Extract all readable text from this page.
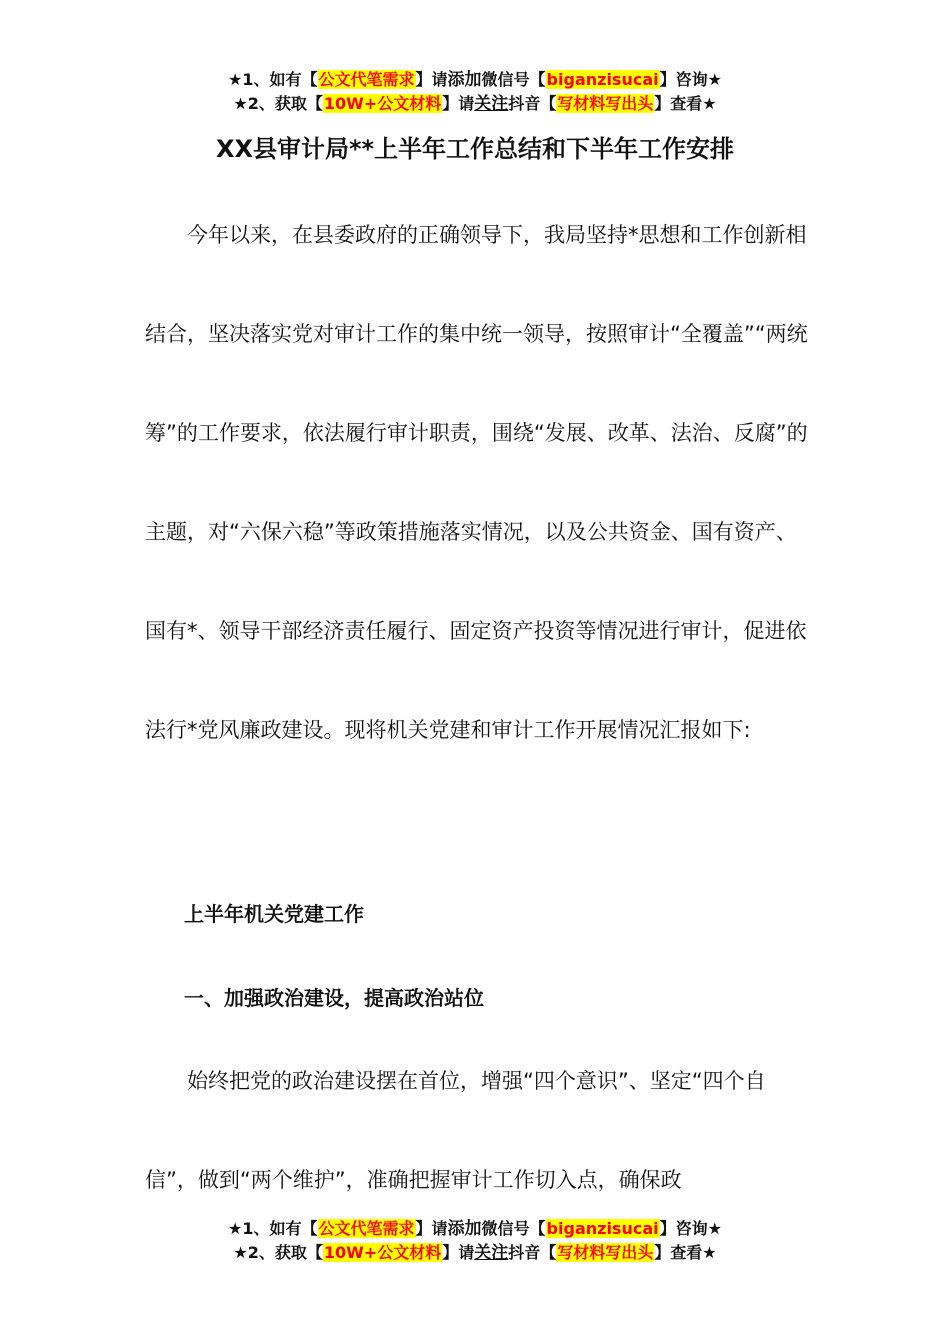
★1、如有【公文代笔需求】请添加微信号【biganzisucai】咨询★
★2、获取【10W+公文材料】请关注抖音【写材料写出头】查看★
XX县审计局**上半年工作总结和下半年工作安排

今年以来，在县委政府的正确领导下，我局坚持*思想和工作创新相结合，坚决落实党对审计工作的集中统一领导，按照审计“全覆盖”“两统筹”的工作要求，依法履行审计职责，围绕“发展、改革、法治、反腐”的主题，对“六保六稳”等政策措施落实情况，以及公共资金、国有资产、国有*、领导干部经济责任履行、固定资产投资等情况进行审计，促进依法行*党风廉政建设。现将机关党建和审计工作开展情况汇报如下:

上半年机关党建工作
一、加强政治建设，提高政治站位

始终把党的政治建设摆在首位，增强“四个意识”、坚定“四个自信”，做到“两个维护”，准确把握审计工作切入点，确保政

★1、如有【公文代笔需求】请添加微信号【biganzisucai】咨询★
★2、获取【10W+公文材料】请关注抖音【写材料写出头】查看★
